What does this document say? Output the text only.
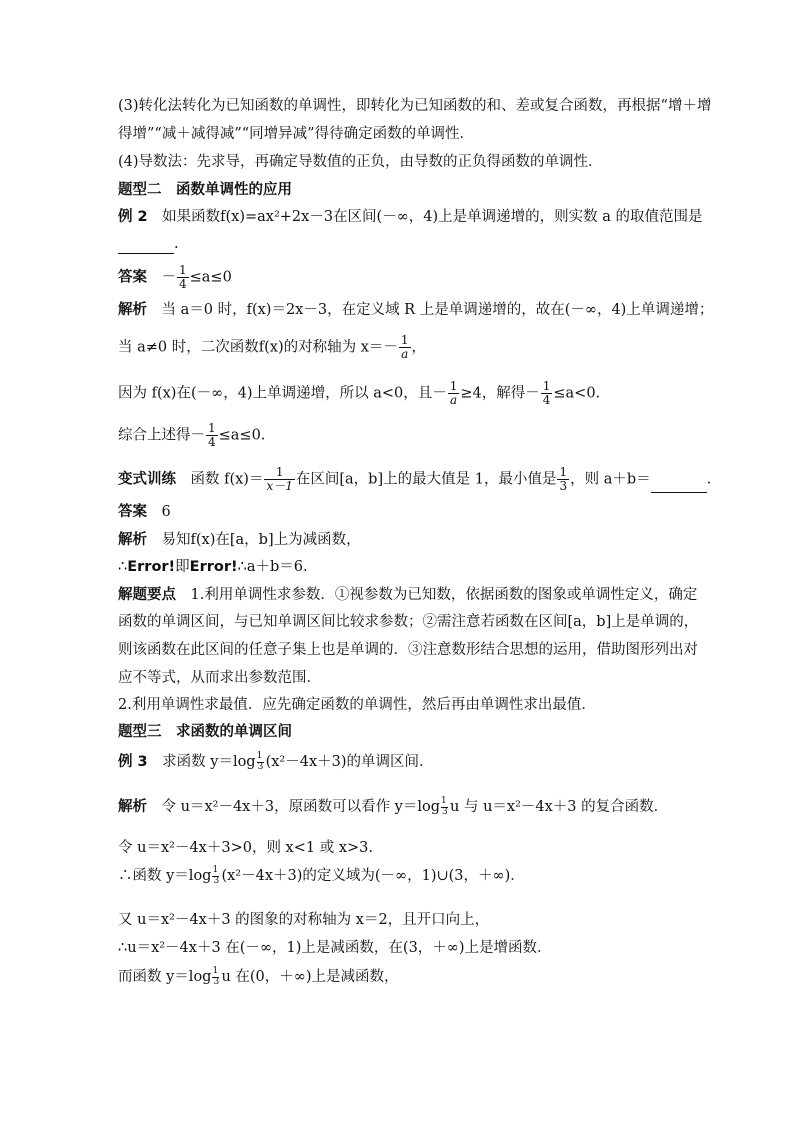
(3)转化法转化为已知函数的单调性，即转化为已知函数的和、差或复合函数，再根据“增＋增
得增”“减＋减得减”“同增异减”得待确定函数的单调性．
(4)导数法：先求导，再确定导数值的正负，由导数的正负得函数的单调性．
题型二　函数单调性的应用
例 2　如果函数f(x)=ax²+2x－3在区间(－∞，4)上是单调递增的，则实数 a 的取值范围是
.
答案　－ $\frac{1}{4} \le a\le 0$
解析　当 a＝0 时，f(x)＝2x－3，在定义域 R 上是单调递增的，故在(－∞，4)上单调递增；
当 a≠0 时，二次函数f(x)的对称轴为 $x=- \frac{1}{a}$ ，
因为 f(x)在(－∞，4)上单调递增，所以 a<0，且－ $\frac{1}{a} \ge 4$，解得－ $\frac{1}{4} \le a<0$.
综合上述得－ $\frac{1}{4} \le a\le 0$.
变式训练　函数 $f(x)= \frac{1}{x-1}$ 在区间[a，b]上的最大值是 1，最小值是 $\frac{1}{3}$ ，则 a＋b＝	.
答案　6
解析　易知f(x)在[a，b]上为减函数，
∴Error!即Error!∴a＋b＝6.
解题要点　1.利用单调性求参数．①视参数为已知数，依据函数的图象或单调性定义，确定
函数的单调区间，与已知单调区间比较求参数；②需注意若函数在区间[a，b]上是单调的，
则该函数在此区间的任意子集上也是单调的．③注意数形结合思想的运用，借助图形列出对
应不等式，从而求出参数范围．
2.利用单调性求最值．应先确定函数的单调性，然后再由单调性求出最值．
题型三　求函数的单调区间
例 3　求函数 $y=\log \frac{1}{3} (x^2-4x+3)$的单调区间．
解析　令 u＝x²－4x＋3，原函数可以看作 $y=\log \frac{1}{3}$ u 与 u＝x²－4x＋3 的复合函数．
令 u＝x²－4x＋3>0，则 x<1 或 x>3.
∴函数 $y=\log \frac{1}{3} (x^2-4x+3)$的定义域为(－∞，1)∪(3，＋∞)．
又 u＝x²－4x＋3 的图象的对称轴为 x＝2，且开口向上，
∴u＝x²－4x＋3 在(－∞，1)上是减函数，在(3，＋∞)上是增函数．
而函数 $y=\log \frac{1}{3}$ u 在(0，＋∞)上是减函数，
